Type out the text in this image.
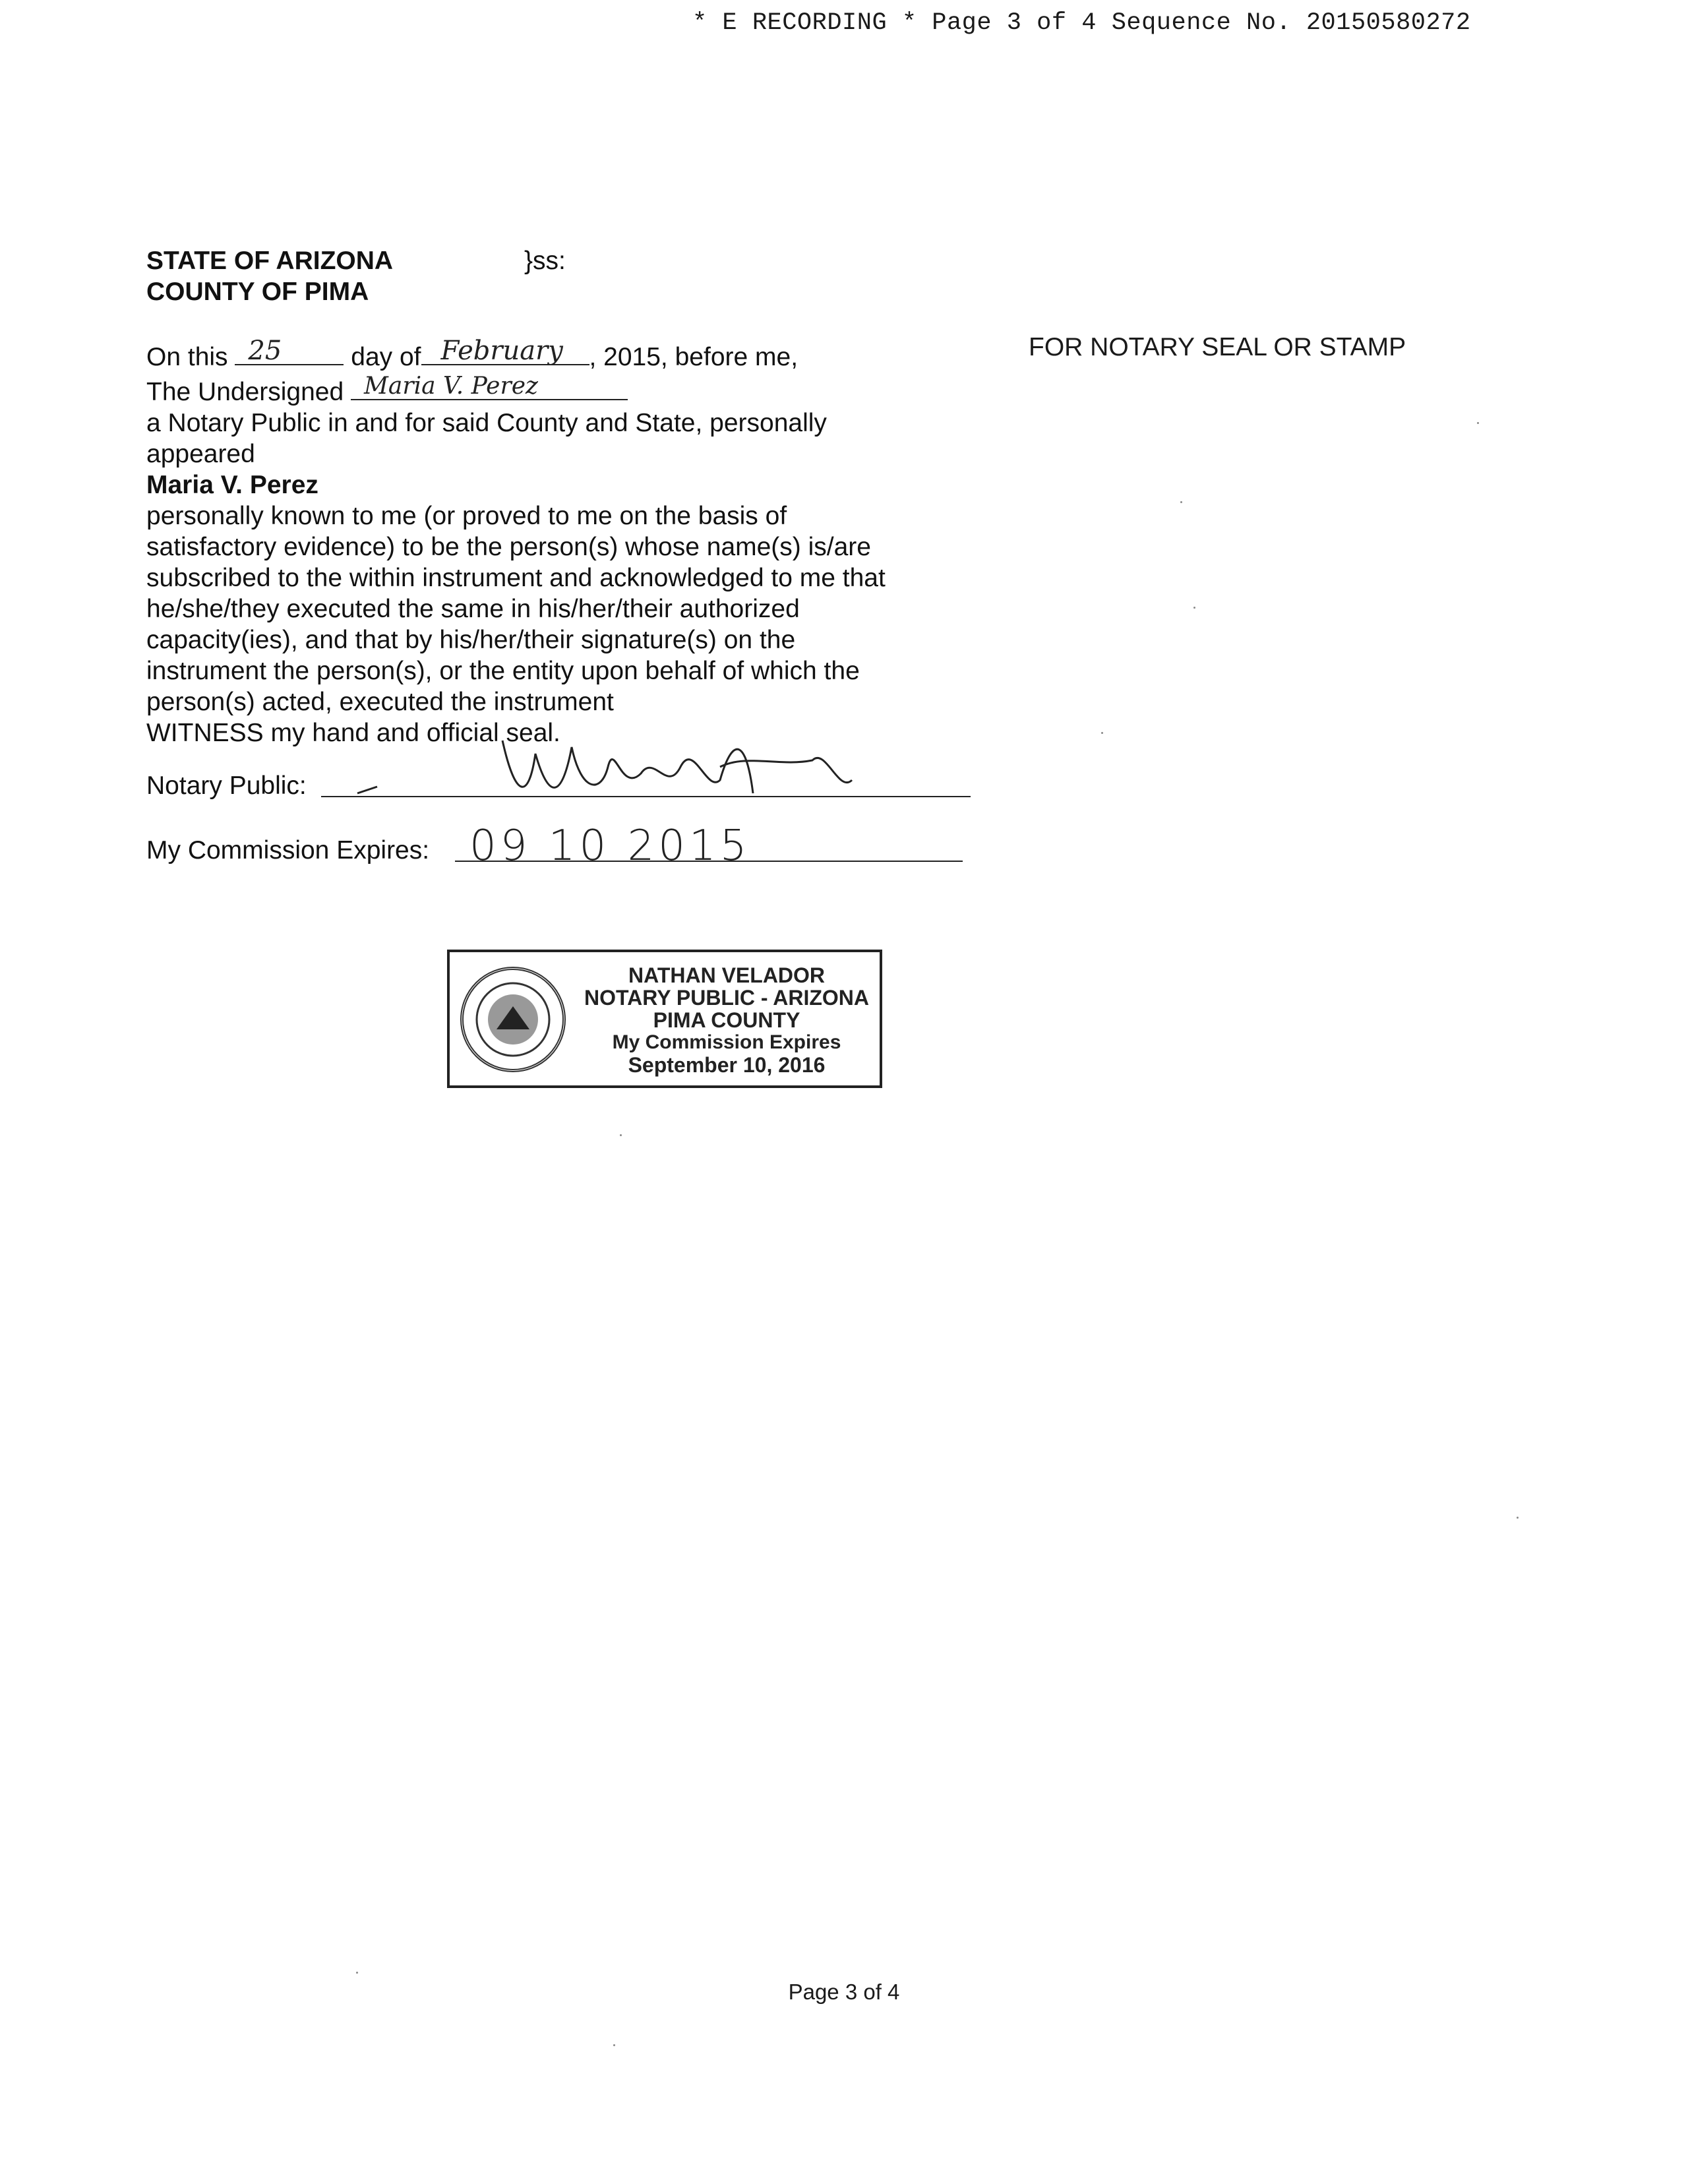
* E RECORDING * Page 3 of 4 Sequence No. 20150580272
FOR NOTARY SEAL OR STAMP
STATE OF ARIZONA
COUNTY OF PIMA
}ss:
On this 25	day of February , 2015, before me,
The Undersigned Maria V. Perez
a Notary Public in and for said County and State, personally
appeared
Maria V. Perez
personally known to me (or proved to me on the basis of
satisfactory evidence) to be the person(s) whose name(s) is/are
subscribed to the within instrument and acknowledged to me that
he/she/they executed the same in his/her/their authorized
capacity(ies), and that by his/her/their signature(s) on the
instrument the person(s), or the entity upon behalf of which the
person(s) acted, executed the instrument
WITNESS my hand and official seal.
Notary Public:
My Commission Expires: 09 10 2015
NATHAN VELADOR
NOTARY PUBLIC - ARIZONA
PIMA COUNTY
My Commission Expires
September 10, 2016
Page 3 of 4
